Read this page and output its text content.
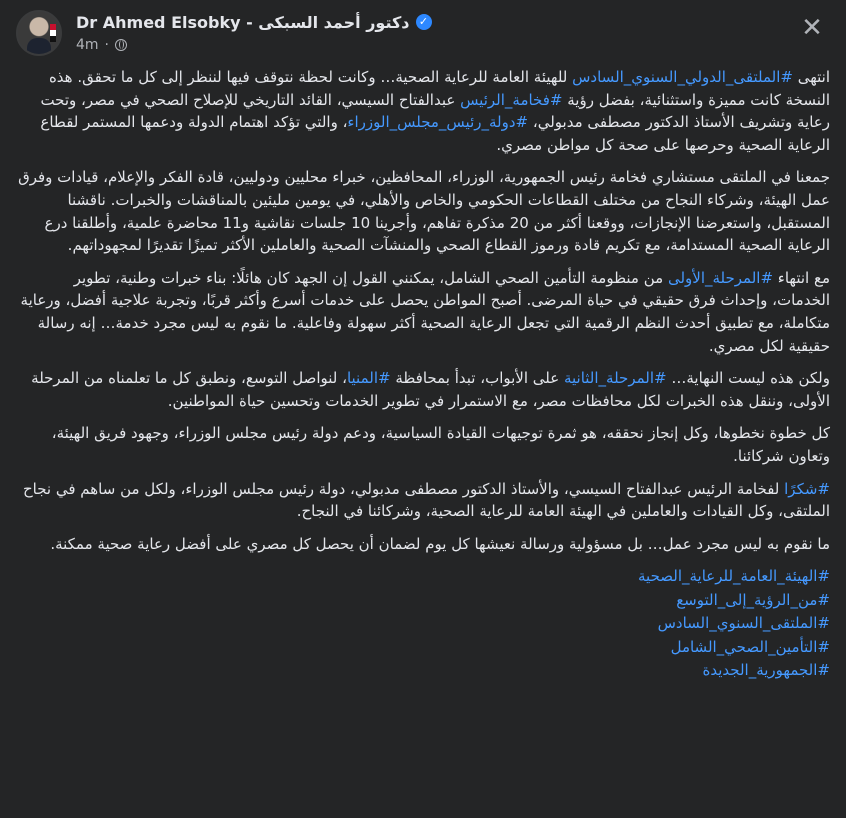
Dr Ahmed Elsobky - دكتور أحمد السبكى ✓
4m ·
✕

انتهى #الملتقى_الدولي_السنوي_السادس للهيئة العامة للرعاية الصحية… وكانت لحظة نتوقف فيها لننظر إلى كل ما تحقق. هذه النسخة كانت مميزة واستثنائية، بفضل رؤية #فخامة_الرئيس عبدالفتاح السيسي، القائد التاريخي للإصلاح الصحي في مصر، وتحت رعاية وتشريف الأستاذ الدكتور مصطفى مدبولي، #دولة_رئيس_مجلس_الوزراء، والتي تؤكد اهتمام الدولة ودعمها المستمر لقطاع الرعاية الصحية وحرصها على صحة كل مواطن مصري.

جمعنا في الملتقى مستشاري فخامة رئيس الجمهورية، الوزراء، المحافظين، خبراء محليين ودوليين، قادة الفكر والإعلام، قيادات وفرق عمل الهيئة، وشركاء النجاح من مختلف القطاعات الحكومي والخاص والأهلي، في يومين مليئين بالمناقشات والخبرات. ناقشنا المستقبل، واستعرضنا الإنجازات، ووقعنا أكثر من 20 مذكرة تفاهم، وأجرينا 10 جلسات نقاشية و11 محاضرة علمية، وأطلقنا درع الرعاية الصحية المستدامة، مع تكريم قادة ورموز القطاع الصحي والمنشآت الصحية والعاملين الأكثر تميزًا تقديرًا لمجهوداتهم.

مع انتهاء #المرحلة_الأولى من منظومة التأمين الصحي الشامل، يمكنني القول إن الجهد كان هائلًا: بناء خبرات وطنية، تطوير الخدمات، وإحداث فرق حقيقي في حياة المرضى. أصبح المواطن يحصل على خدمات أسرع وأكثر قربًا، وتجربة علاجية أفضل، ورعاية متكاملة، مع تطبيق أحدث النظم الرقمية التي تجعل الرعاية الصحية أكثر سهولة وفاعلية. ما نقوم به ليس مجرد خدمة… إنه رسالة حقيقية لكل مصري.

ولكن هذه ليست النهاية… #المرحلة_الثانية على الأبواب، تبدأ بمحافظة #المنيا، لنواصل التوسع، ونطبق كل ما تعلمناه من المرحلة الأولى، وننقل هذه الخبرات لكل محافظات مصر، مع الاستمرار في تطوير الخدمات وتحسين حياة المواطنين.

كل خطوة نخطوها، وكل إنجاز نحققه، هو ثمرة توجيهات القيادة السياسية، ودعم دولة رئيس مجلس الوزراء، وجهود فريق الهيئة، وتعاون شركائنا.

#شكرًا لفخامة الرئيس عبدالفتاح السيسي، والأستاذ الدكتور مصطفى مدبولي، دولة رئيس مجلس الوزراء، ولكل من ساهم في نجاح الملتقى، وكل القيادات والعاملين في الهيئة العامة للرعاية الصحية، وشركائنا في النجاح.

ما نقوم به ليس مجرد عمل… بل مسؤولية ورسالة نعيشها كل يوم لضمان أن يحصل كل مصري على أفضل رعاية صحية ممكنة.

#الهيئة_العامة_للرعاية_الصحية
#من_الرؤية_إلى_التوسع
#الملتقى_السنوي_السادس
#التأمين_الصحي_الشامل
#الجمهورية_الجديدة
